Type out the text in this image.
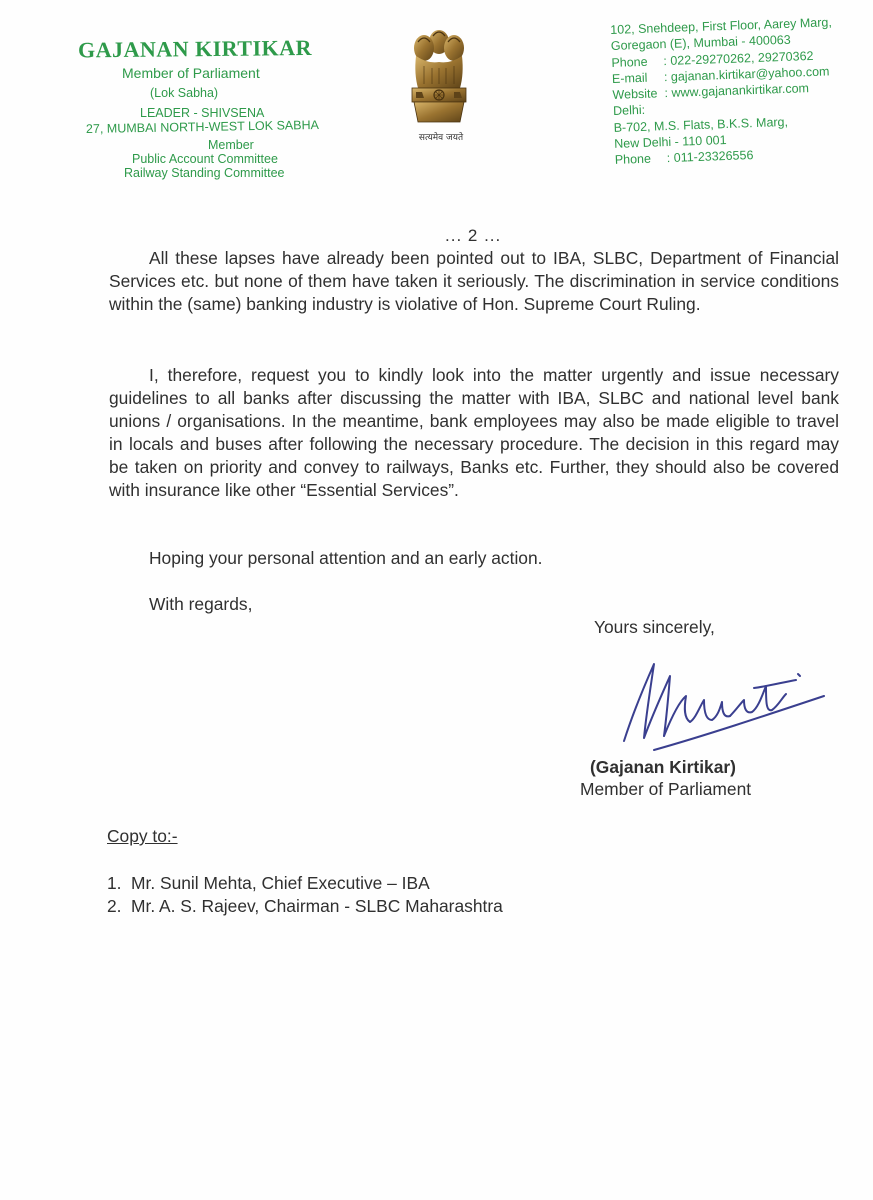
GAJANAN KIRTIKAR
Member of Parliament
(Lok Sabha)
LEADER - SHIVSENA
27, MUMBAI NORTH-WEST LOK SABHA
Member
Public Account Committee
Railway Standing Committee
सत्यमेव जयते
102, Snehdeep, First Floor, Aarey Marg,
Goregaon (E), Mumbai - 400063
Phone : 022-29270262, 29270362
E-mail : gajanan.kirtikar@yahoo.com
Website : www.gajanankirtikar.com
Delhi:
B-702, M.S. Flats, B.K.S. Marg,
New Delhi - 110 001
Phone : 011-23326556
... 2 ...

All these lapses have already been pointed out to IBA, SLBC, Department of Financial Services etc. but none of them have taken it seriously. The discrimination in service conditions within the (same) banking industry is violative of Hon. Supreme Court Ruling.

I, therefore, request you to kindly look into the matter urgently and issue necessary guidelines to all banks after discussing the matter with IBA, SLBC and national level bank unions / organisations. In the meantime, bank employees may also be made eligible to travel in locals and buses after following the necessary procedure. The decision in this regard may be taken on priority and convey to railways, Banks etc. Further, they should also be covered with insurance like other “Essential Services”.

Hoping your personal attention and an early action.
With regards,
Yours sincerely,
(Gajanan Kirtikar)
Member of Parliament
Copy to:-
1. Mr. Sunil Mehta, Chief Executive – IBA
2. Mr. A. S. Rajeev, Chairman - SLBC Maharashtra
